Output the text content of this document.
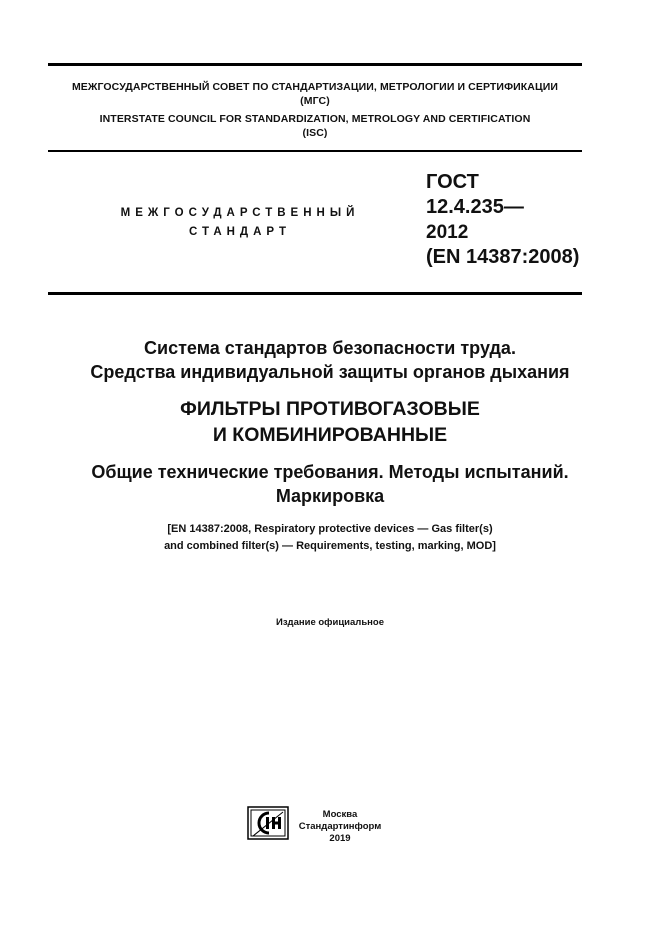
МЕЖГОСУДАРСТВЕННЫЙ СОВЕТ ПО СТАНДАРТИЗАЦИИ, МЕТРОЛОГИИ И СЕРТИФИКАЦИИ
(МГС)
INTERSTATE COUNCIL FOR STANDARDIZATION, METROLOGY AND CERTIFICATION
(ISC)
МЕЖГОСУДАРСТВЕННЫЙ
СТАНДАРТ
ГОСТ
12.4.235—
2012
(EN 14387:2008)
Система стандартов безопасности труда.
Средства индивидуальной защиты органов дыхания
ФИЛЬТРЫ ПРОТИВОГАЗОВЫЕ
И КОМБИНИРОВАННЫЕ
Общие технические требования. Методы испытаний.
Маркировка
[EN 14387:2008, Respiratory protective devices — Gas filter(s)
and combined filter(s) — Requirements, testing, marking, MOD]
Издание официальное
Москва
Стандартинформ
2019
